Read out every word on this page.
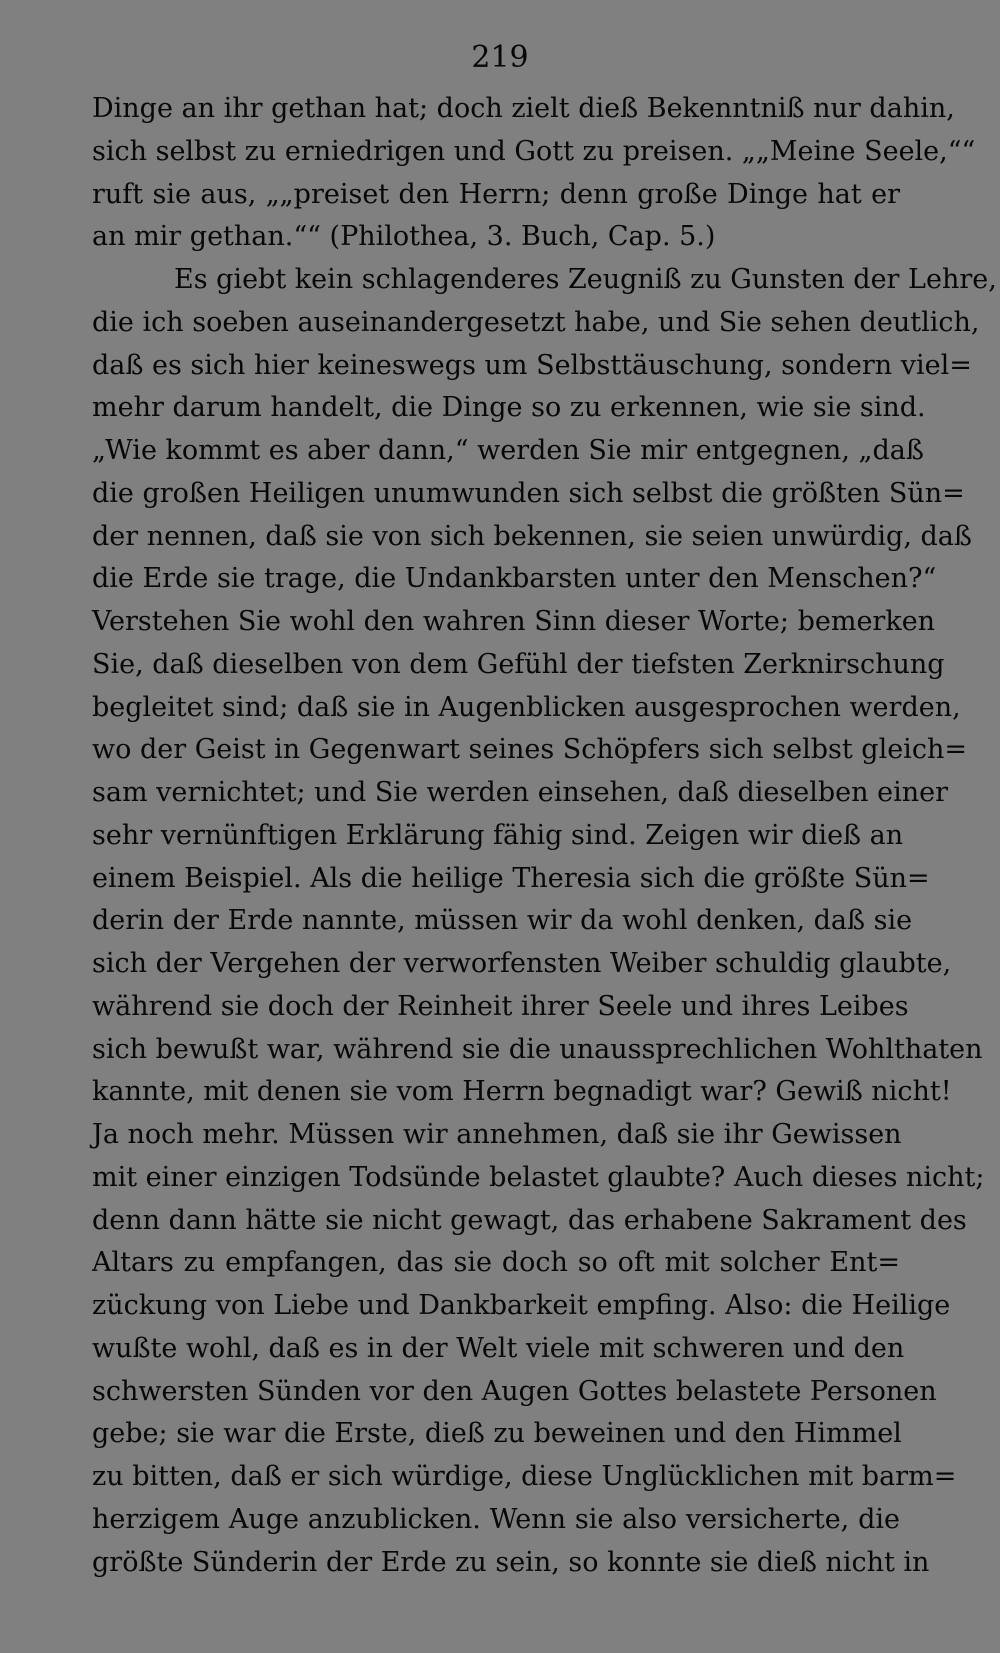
219
Dinge an ihr gethan hat; doch zielt dieß Bekenntniß nur dahin,
sich selbst zu erniedrigen und Gott zu preisen. „„Meine Seele,““
ruft sie aus, „„preiset den Herrn; denn große Dinge hat er
an mir gethan.““ (Philothea, 3. Buch, Cap. 5.)
Es giebt kein schlagenderes Zeugniß zu Gunsten der Lehre,
die ich soeben auseinandergesetzt habe, und Sie sehen deutlich,
daß es sich hier keineswegs um Selbsttäuschung, sondern viel=
mehr darum handelt, die Dinge so zu erkennen, wie sie sind.
„Wie kommt es aber dann,“ werden Sie mir entgegnen, „daß
die großen Heiligen unumwunden sich selbst die größten Sün=
der nennen, daß sie von sich bekennen, sie seien unwürdig, daß
die Erde sie trage, die Undankbarsten unter den Menschen?“
Verstehen Sie wohl den wahren Sinn dieser Worte; bemerken
Sie, daß dieselben von dem Gefühl der tiefsten Zerknirschung
begleitet sind; daß sie in Augenblicken ausgesprochen werden,
wo der Geist in Gegenwart seines Schöpfers sich selbst gleich=
sam vernichtet; und Sie werden einsehen, daß dieselben einer
sehr vernünftigen Erklärung fähig sind. Zeigen wir dieß an
einem Beispiel. Als die heilige Theresia sich die größte Sün=
derin der Erde nannte, müssen wir da wohl denken, daß sie
sich der Vergehen der verworfensten Weiber schuldig glaubte,
während sie doch der Reinheit ihrer Seele und ihres Leibes
sich bewußt war, während sie die unaussprechlichen Wohlthaten
kannte, mit denen sie vom Herrn begnadigt war? Gewiß nicht!
Ja noch mehr. Müssen wir annehmen, daß sie ihr Gewissen
mit einer einzigen Todsünde belastet glaubte? Auch dieses nicht;
denn dann hätte sie nicht gewagt, das erhabene Sakrament des
Altars zu empfangen, das sie doch so oft mit solcher Ent=
zückung von Liebe und Dankbarkeit empfing. Also: die Heilige
wußte wohl, daß es in der Welt viele mit schweren und den
schwersten Sünden vor den Augen Gottes belastete Personen
gebe; sie war die Erste, dieß zu beweinen und den Himmel
zu bitten, daß er sich würdige, diese Unglücklichen mit barm=
herzigem Auge anzublicken. Wenn sie also versicherte, die
größte Sünderin der Erde zu sein, so konnte sie dieß nicht in
